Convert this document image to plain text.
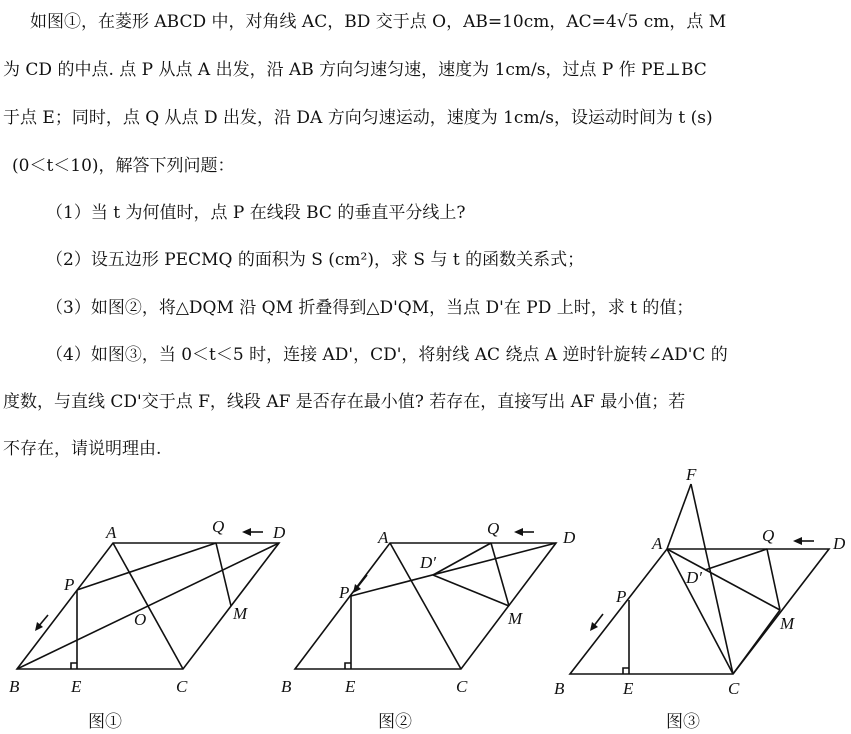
如图①，在菱形 ABCD 中，对角线 AC，BD 交于点 O，AB=10cm，AC=4√5 cm，点 M
为 CD 的中点. 点 P 从点 A 出发，沿 AB 方向匀速匀速，速度为 1cm/s，过点 P 作 PE⊥BC
于点 E；同时，点 Q 从点 D 出发，沿 DA 方向匀速运动，速度为 1cm/s，设运动时间为 t (s)
(0＜t＜10)，解答下列问题：
（1）当 t 为何值时，点 P 在线段 BC 的垂直平分线上?
（2）设五边形 PECMQ 的面积为 S (cm²)，求 S 与 t 的函数关系式；
（3）如图②，将△DQM 沿 QM 折叠得到△D'QM，当点 D'在 PD 上时，求 t 的值；
（4）如图③，当 0＜t＜5 时，连接 AD'，CD'，将射线 AC 绕点 A 逆时针旋转∠AD'C 的
度数，与直线 CD'交于点 F，线段 AF 是否存在最小值? 若存在，直接写出 AF 最小值；若
不存在，请说明理由.
A
B	C
D
P
Q
E
M
O
图①
A
B	C
D
P
Q
E
M
D′
图②
A
B	C
D
P
Q
E
M
D′
F
图③
